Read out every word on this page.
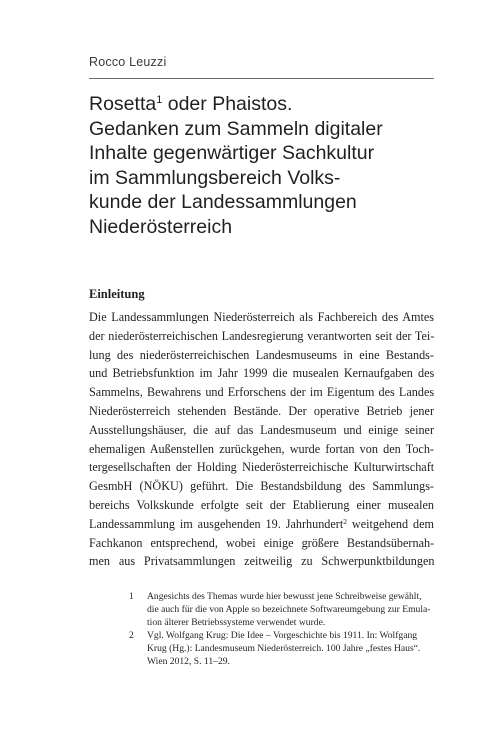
Rocco Leuzzi
Rosetta$^1$ oder Phaistos.
Gedanken zum Sammeln digitaler
Inhalte gegenwärtiger Sachkultur
im Sammlungsbereich Volks-
kunde der Landessammlungen
Niederösterreich
Einleitung
Die Landessammlungen Niederösterreich als Fachbereich des Amtes
der niederösterreichischen Landesregierung verantworten seit der Tei-
lung des niederösterreichischen Landesmuseums in eine Bestands-
und Betriebsfunktion im Jahr 1999 die musealen Kernaufgaben des
Sammelns, Bewahrens und Erforschens der im Eigentum des Landes
Niederösterreich stehenden Bestände. Der operative Betrieb jener
Ausstellungshäuser, die auf das Landesmuseum und einige seiner
ehemaligen Außenstellen zurückgehen, wurde fortan von den Toch-
tergesellschaften der Holding Niederösterreichische Kulturwirtschaft
GesmbH (NÖKU) geführt. Die Bestandsbildung des Sammlungs-
bereichs Volkskunde erfolgte seit der Etablierung einer musealen
Landessammlung im ausgehenden 19. Jahrhundert$^2$ weitgehend dem
Fachkanon entsprechend, wobei einige größere Bestandsübernah-
men aus Privatsammlungen zeitweilig zu Schwerpunktbildungen
1 Angesichts des Themas wurde hier bewusst jene Schreibweise gewählt,
die auch für die von Apple so bezeichnete Softwareumgebung zur Emula-
tion älterer Betriebssysteme verwendet wurde.
2 Vgl. Wolfgang Krug: Die Idee – Vorgeschichte bis 1911. In: Wolfgang
Krug (Hg.): Landesmuseum Niederösterreich. 100 Jahre „festes Haus“.
Wien 2012, S. 11–29.
